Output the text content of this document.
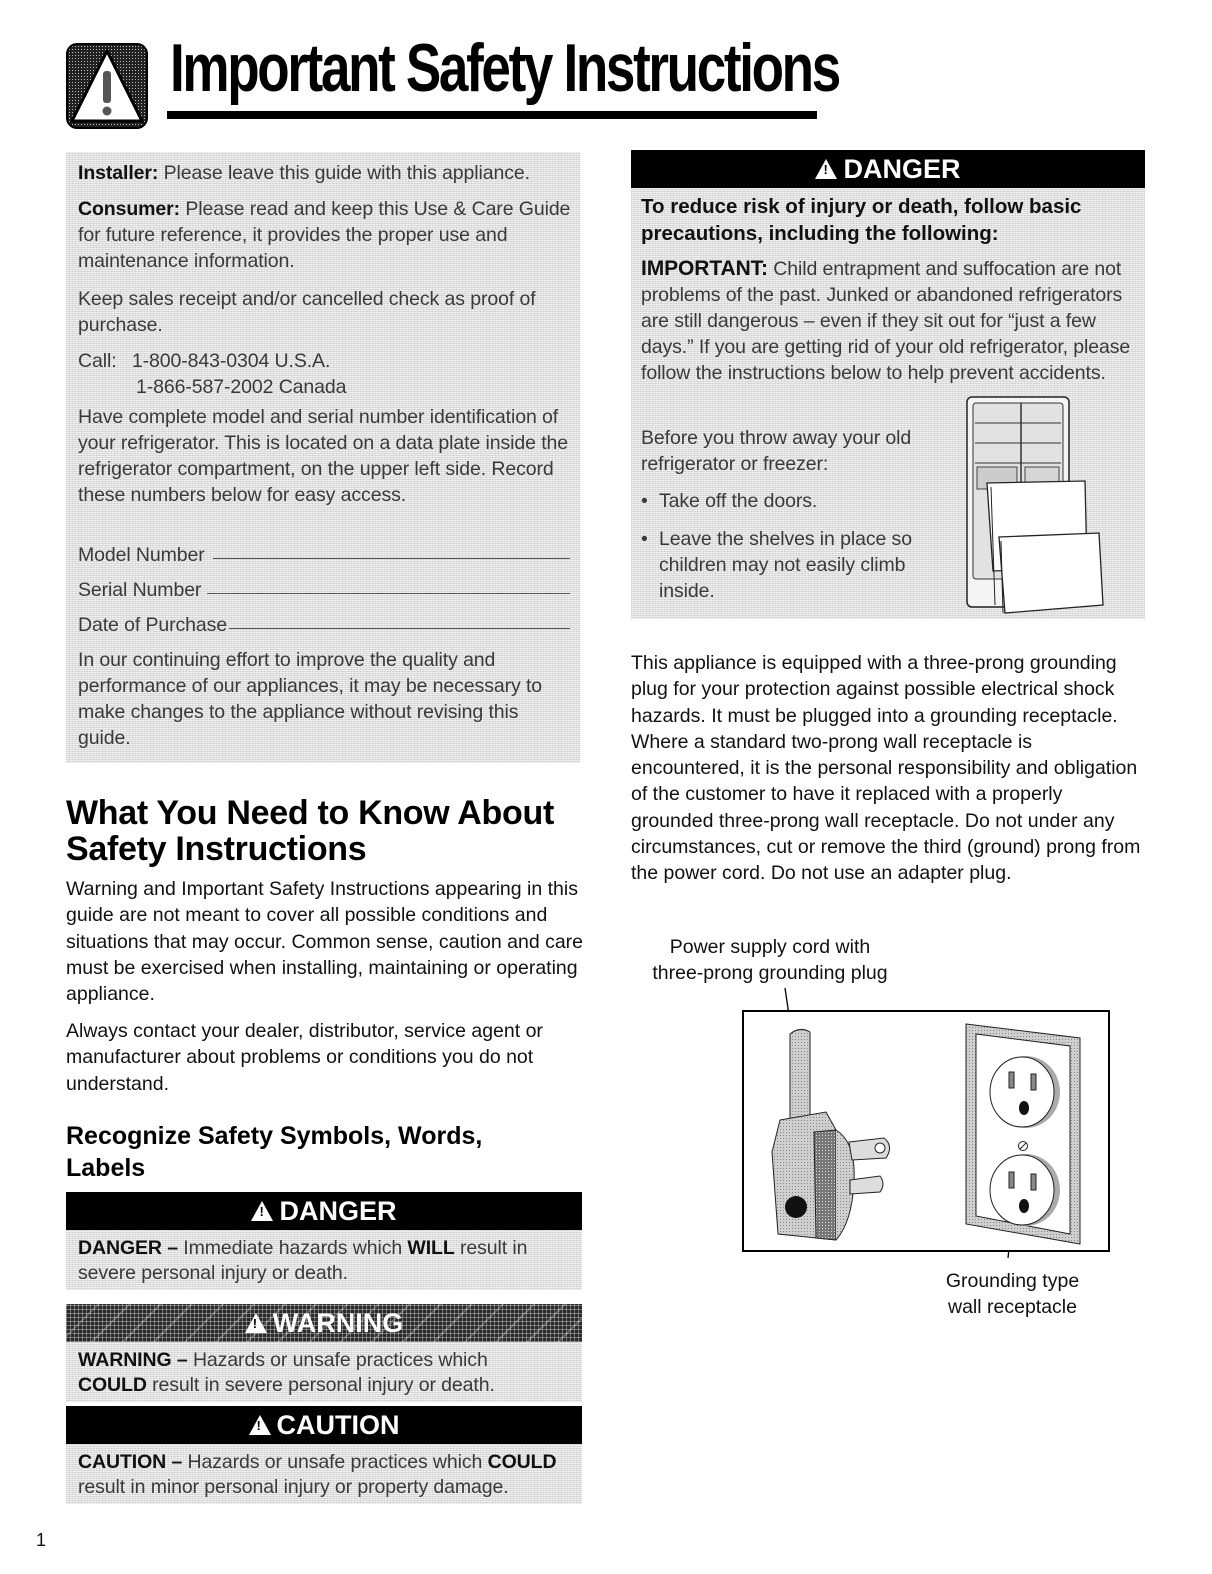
Important Safety Instructions
Installer: Please leave this guide with this appliance.
Consumer: Please read and keep this Use & Care Guide for future reference, it provides the proper use and maintenance information.
Keep sales receipt and/or cancelled check as proof of purchase.
Call: 1-800-843-0304 U.S.A.
1-866-587-2002 Canada
Have complete model and serial number identification of your refrigerator. This is located on a data plate inside the refrigerator compartment, on the upper left side. Record these numbers below for easy access.
Model Number
Serial Number
Date of Purchase
In our continuing effort to improve the quality and performance of our appliances, it may be necessary to make changes to the appliance without revising this guide.
What You Need to Know About Safety Instructions
Warning and Important Safety Instructions appearing in this guide are not meant to cover all possible conditions and situations that may occur. Common sense, caution and care must be exercised when installing, maintaining or operating appliance.
Always contact your dealer, distributor, service agent or manufacturer about problems or conditions you do not understand.
Recognize Safety Symbols, Words, Labels
!DANGER
DANGER – Immediate hazards which WILL result in severe personal injury or death.
!WARNING
WARNING – Hazards or unsafe practices which
COULD result in severe personal injury or death.
!CAUTION
CAUTION – Hazards or unsafe practices which COULD
result in minor personal injury or property damage.
!DANGER
To reduce risk of injury or death, follow basic precautions, including the following:
IMPORTANT: Child entrapment and suffocation are not problems of the past. Junked or abandoned refrigerators are still dangerous – even if they sit out for “just a few days.” If you are getting rid of your old refrigerator, please follow the instructions below to help prevent accidents.
Before you throw away your old refrigerator or freezer:
• Take off the doors.
• Leave the shelves in place so children may not easily climb inside.
This appliance is equipped with a three-prong grounding plug for your protection against possible electrical shock hazards. It must be plugged into a grounding receptacle. Where a standard two-prong wall receptacle is encountered, it is the personal responsibility and obligation of the customer to have it replaced with a properly grounded three-prong wall receptacle. Do not under any circumstances, cut or remove the third (ground) prong from the power cord. Do not use an adapter plug.
Power supply cord with
three-prong grounding plug
Grounding type
wall receptacle
1
